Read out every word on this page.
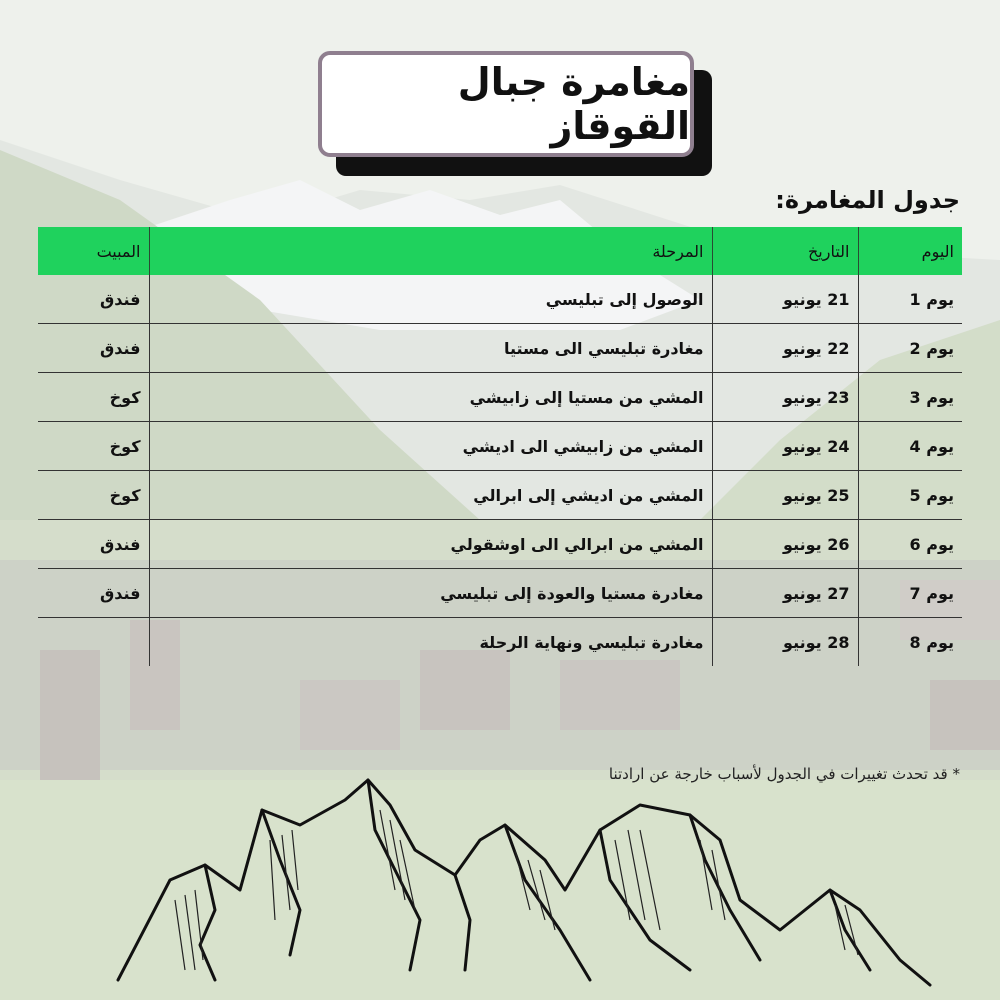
مغامرة جبال القوقاز
جدول المغامرة:
اليوم	التاريخ	المرحلة	المبيت
يوم 1	21 يونيو	الوصول إلى تبليسي	فندق
يوم 2	22 يونيو	مغادرة تبليسي الى مستيا	فندق
يوم 3	23 يونيو	المشي من مستيا إلى زابيشي	كوخ
يوم 4	24 يونيو	المشي من زابيشي الى اديشي	كوخ
يوم 5	25 يونيو	المشي من اديشي إلى ابرالي	كوخ
يوم 6	26 يونيو	المشي من ابرالي الى اوشقولي	فندق
يوم 7	27 يونيو	مغادرة مستيا والعودة إلى تبليسي	فندق
يوم 8	28 يونيو	مغادرة تبليسي ونهاية الرحلة	
* قد تحدث تغييرات في الجدول لأسباب خارجة عن ارادتنا
